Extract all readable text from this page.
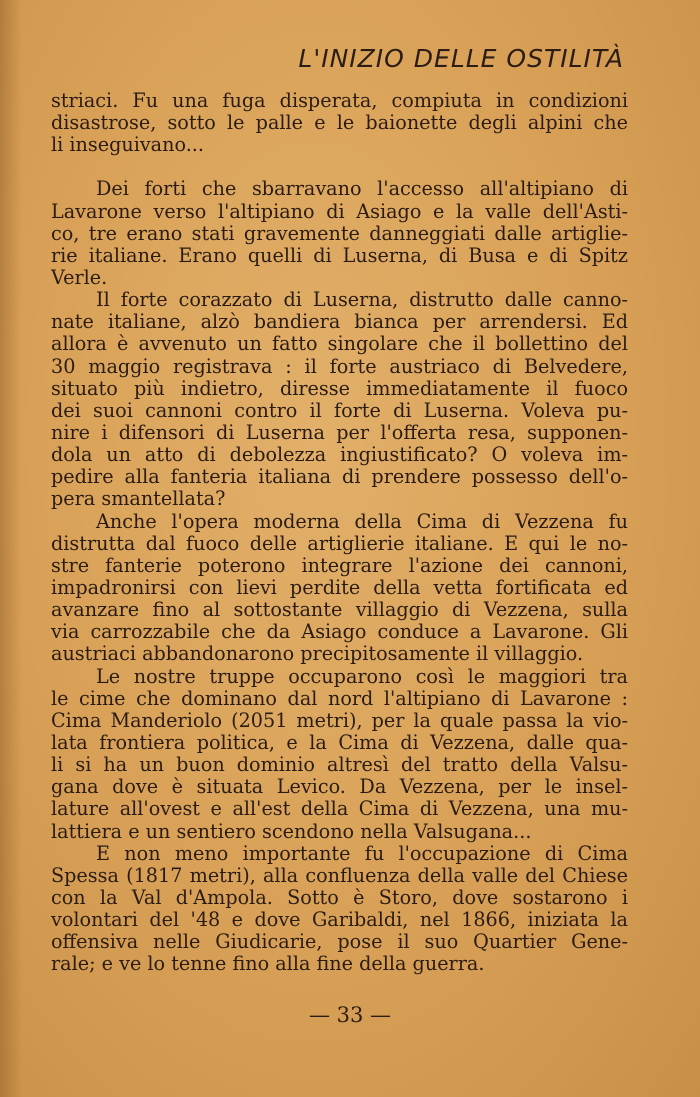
L'INIZIO DELLE OSTILITÀ
striaci. Fu una fuga disperata, compiuta in condizioni
disastrose, sotto le palle e le baionette degli alpini che
li inseguivano...
Dei forti che sbarravano l'accesso all'altipiano di
Lavarone verso l'altipiano di Asiago e la valle dell'Asti-
co, tre erano stati gravemente danneggiati dalle artiglie-
rie italiane. Erano quelli di Luserna, di Busa e di Spitz
Verle.
Il forte corazzato di Luserna, distrutto dalle canno-
nate italiane, alzò bandiera bianca per arrendersi. Ed
allora è avvenuto un fatto singolare che il bollettino del
30 maggio registrava : il forte austriaco di Belvedere,
situato più indietro, diresse immediatamente il fuoco
dei suoi cannoni contro il forte di Luserna. Voleva pu-
nire i difensori di Luserna per l'offerta resa, supponen-
dola un atto di debolezza ingiustificato? O voleva im-
pedire alla fanteria italiana di prendere possesso dell'o-
pera smantellata?
Anche l'opera moderna della Cima di Vezzena fu
distrutta dal fuoco delle artiglierie italiane. E qui le no-
stre fanterie poterono integrare l'azione dei cannoni,
impadronirsi con lievi perdite della vetta fortificata ed
avanzare fino al sottostante villaggio di Vezzena, sulla
via carrozzabile che da Asiago conduce a Lavarone. Gli
austriaci abbandonarono precipitosamente il villaggio.
Le nostre truppe occuparono così le maggiori tra
le cime che dominano dal nord l'altipiano di Lavarone :
Cima Manderiolo (2051 metri), per la quale passa la vio-
lata frontiera politica, e la Cima di Vezzena, dalle qua-
li si ha un buon dominio altresì del tratto della Valsu-
gana dove è situata Levico. Da Vezzena, per le insel-
lature all'ovest e all'est della Cima di Vezzena, una mu-
lattiera e un sentiero scendono nella Valsugana...
E non meno importante fu l'occupazione di Cima
Spessa (1817 metri), alla confluenza della valle del Chiese
con la Val d'Ampola. Sotto è Storo, dove sostarono i
volontari del '48 e dove Garibaldi, nel 1866, iniziata la
offensiva nelle Giudicarie, pose il suo Quartier Gene-
rale; e ve lo tenne fino alla fine della guerra.
— 33 —
